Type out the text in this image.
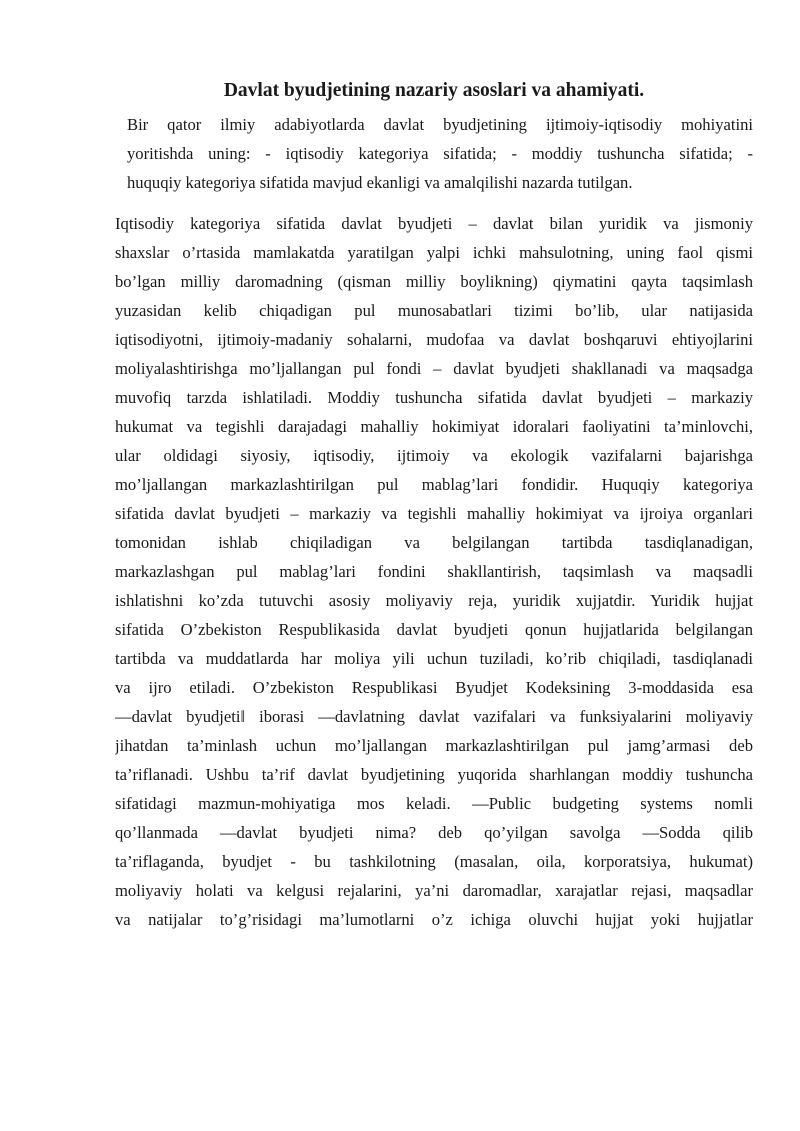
Davlat byudjetining nazariy asoslari va ahamiyati.

Bir qator ilmiy adabiyotlarda davlat byudjetining ijtimoiy-iqtisodiy mohiyatini
yoritishda uning: - iqtisodiy kategoriya sifatida; - moddiy tushuncha sifatida; -
huquqiy kategoriya sifatida mavjud ekanligi va amalqilishi nazarda tutilgan.

Iqtisodiy kategoriya sifatida davlat byudjeti – davlat bilan yuridik va jismoniy
shaxslar o’rtasida mamlakatda yaratilgan yalpi ichki mahsulotning, uning faol qismi
bo’lgan milliy daromadning (qisman milliy boylikning) qiymatini qayta taqsimlash
yuzasidan kelib chiqadigan pul munosabatlari tizimi bo’lib, ular natijasida
iqtisodiyotni, ijtimoiy-madaniy sohalarni, mudofaa va davlat boshqaruvi ehtiyojlarini
moliyalashtirishga mo’ljallangan pul fondi – davlat byudjeti shakllanadi va maqsadga
muvofiq tarzda ishlatiladi. Moddiy tushuncha sifatida davlat byudjeti – markaziy
hukumat va tegishli darajadagi mahalliy hokimiyat idoralari faoliyatini ta’minlovchi,
ular oldidagi siyosiy, iqtisodiy, ijtimoiy va ekologik vazifalarni bajarishga
mo’ljallangan markazlashtirilgan pul mablag’lari fondidir. Huquqiy kategoriya
sifatida davlat byudjeti – markaziy va tegishli mahalliy hokimiyat va ijroiya organlari
tomonidan ishlab chiqiladigan va belgilangan tartibda tasdiqlanadigan,
markazlashgan pul mablag’lari fondini shakllantirish, taqsimlash va maqsadli
ishlatishni ko’zda tutuvchi asosiy moliyaviy reja, yuridik xujjatdir. Yuridik hujjat
sifatida O’zbekiston Respublikasida davlat byudjeti qonun hujjatlarida belgilangan
tartibda va muddatlarda har moliya yili uchun tuziladi, ko’rib chiqiladi, tasdiqlanadi
va ijro etiladi. O’zbekiston Respublikasi Byudjet Kodeksining 3-moddasida esa
―davlat byudjeti‖ iborasi ―davlatning davlat vazifalari va funksiyalarini moliyaviy
jihatdan ta’minlash uchun mo’ljallangan markazlashtirilgan pul jamg’armasi deb
ta’riflanadi. Ushbu ta’rif davlat byudjetining yuqorida sharhlangan moddiy tushuncha
sifatidagi mazmun-mohiyatiga mos keladi. ―Public budgeting systems nomli
qo’llanmada ―davlat byudjeti nima? deb qo’yilgan savolga ―Sodda qilib
ta’riflaganda, byudjet - bu tashkilotning (masalan, oila, korporatsiya, hukumat)
moliyaviy holati va kelgusi rejalarini, ya’ni daromadlar, xarajatlar rejasi, maqsadlar
va natijalar to’g’risidagi ma’lumotlarni o’z ichiga oluvchi hujjat yoki hujjatlar
